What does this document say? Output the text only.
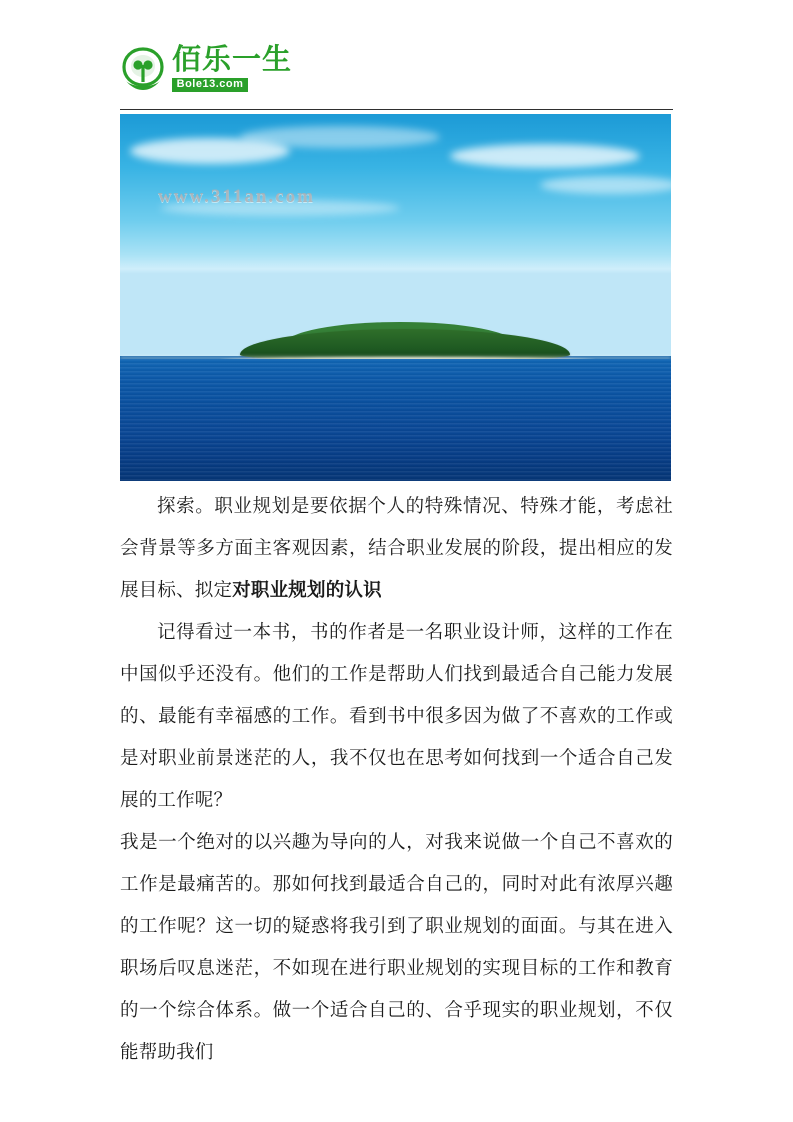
佰乐一生
Bole13.com
www.311an.com

探索。职业规划是要依据个人的特殊情况、特殊才能，考虑社会背景等多方面主客观因素，结合职业发展的阶段，提出相应的发展目标、拟定对职业规划的认识

记得看过一本书，书的作者是一名职业设计师，这样的工作在中国似乎还没有。他们的工作是帮助人们找到最适合自己能力发展的、最能有幸福感的工作。看到书中很多因为做了不喜欢的工作或是对职业前景迷茫的人，我不仅也在思考如何找到一个适合自己发展的工作呢？

我是一个绝对的以兴趣为导向的人，对我来说做一个自己不喜欢的工作是最痛苦的。那如何找到最适合自己的，同时对此有浓厚兴趣的工作呢？这一切的疑惑将我引到了职业规划的面面。与其在进入职场后叹息迷茫，不如现在进行职业规划的实现目标的工作和教育的一个综合体系。做一个适合自己的、合乎现实的职业规划，不仅能帮助我们
